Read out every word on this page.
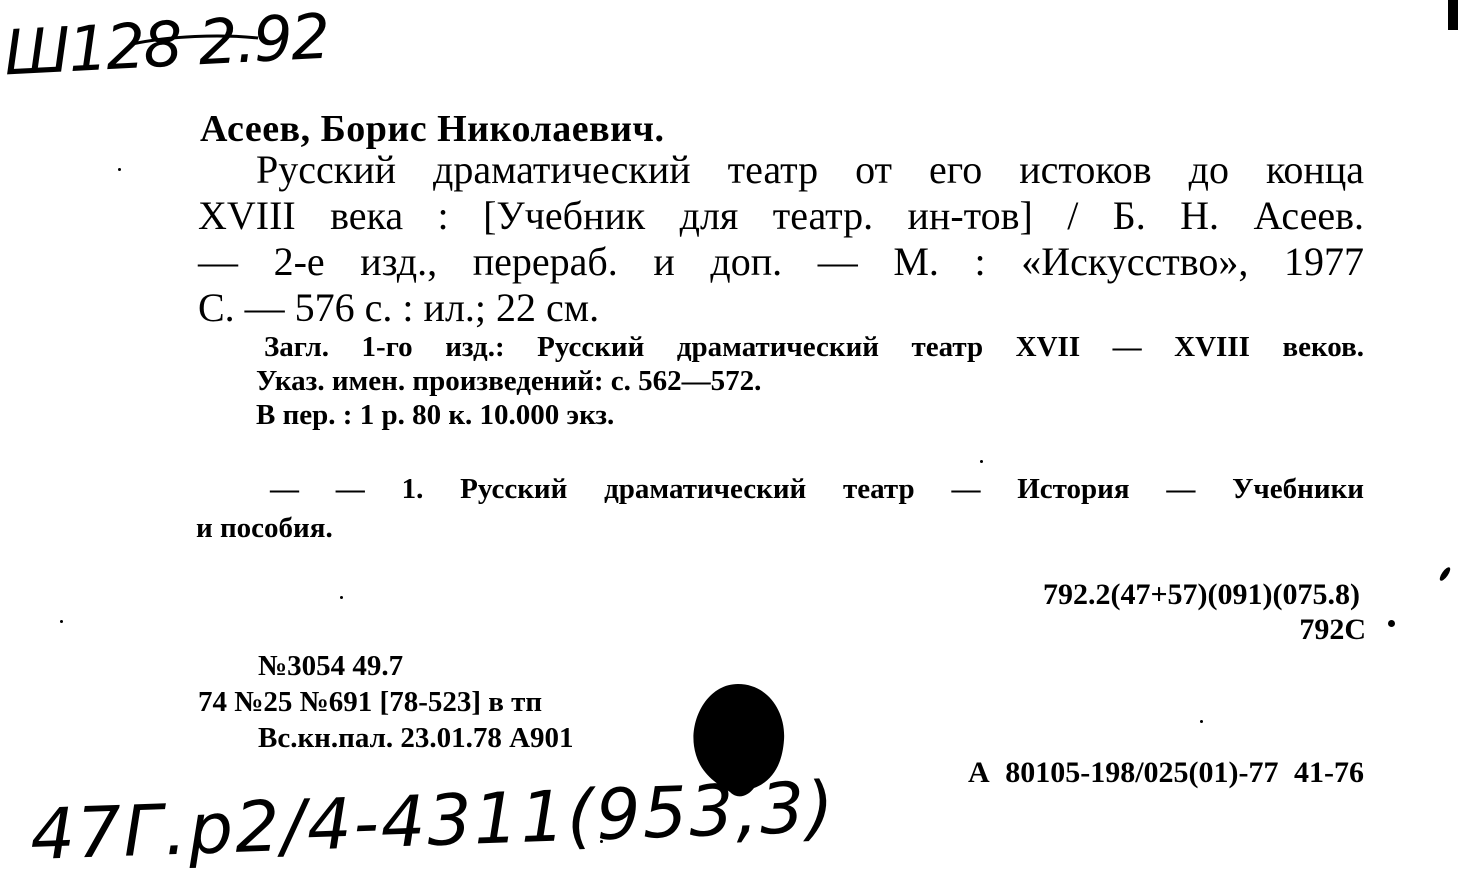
Ш128 2.92
Асеев, Борис Николаевич.
Русский драматический театр от его истоков до конца
XVIII века : [Учебник для театр. ин-тов] / Б. Н. Асеев.
— 2-е изд., перераб. и доп. — М. : «Искусство», 1977
С. — 576 с. : ил.; 22 см.
Загл. 1-го изд.: Русский драматический театр XVII — XVIII веков.
Указ. имен. произведений: с. 562—572.
В пер. : 1 р. 80 к. 10.000 экз.
— — 1. Русский драматический театр — История — Учебники
и пособия.
792.2(47+57)(091)(075.8)
792С
№3054 49.7
74 №25 №691 [78-523] в тп
Вс.кн.пал. 23.01.78 А901
А 80105-198/025(01)-77 41-76
47Г.р2/4-4311(953,3)
